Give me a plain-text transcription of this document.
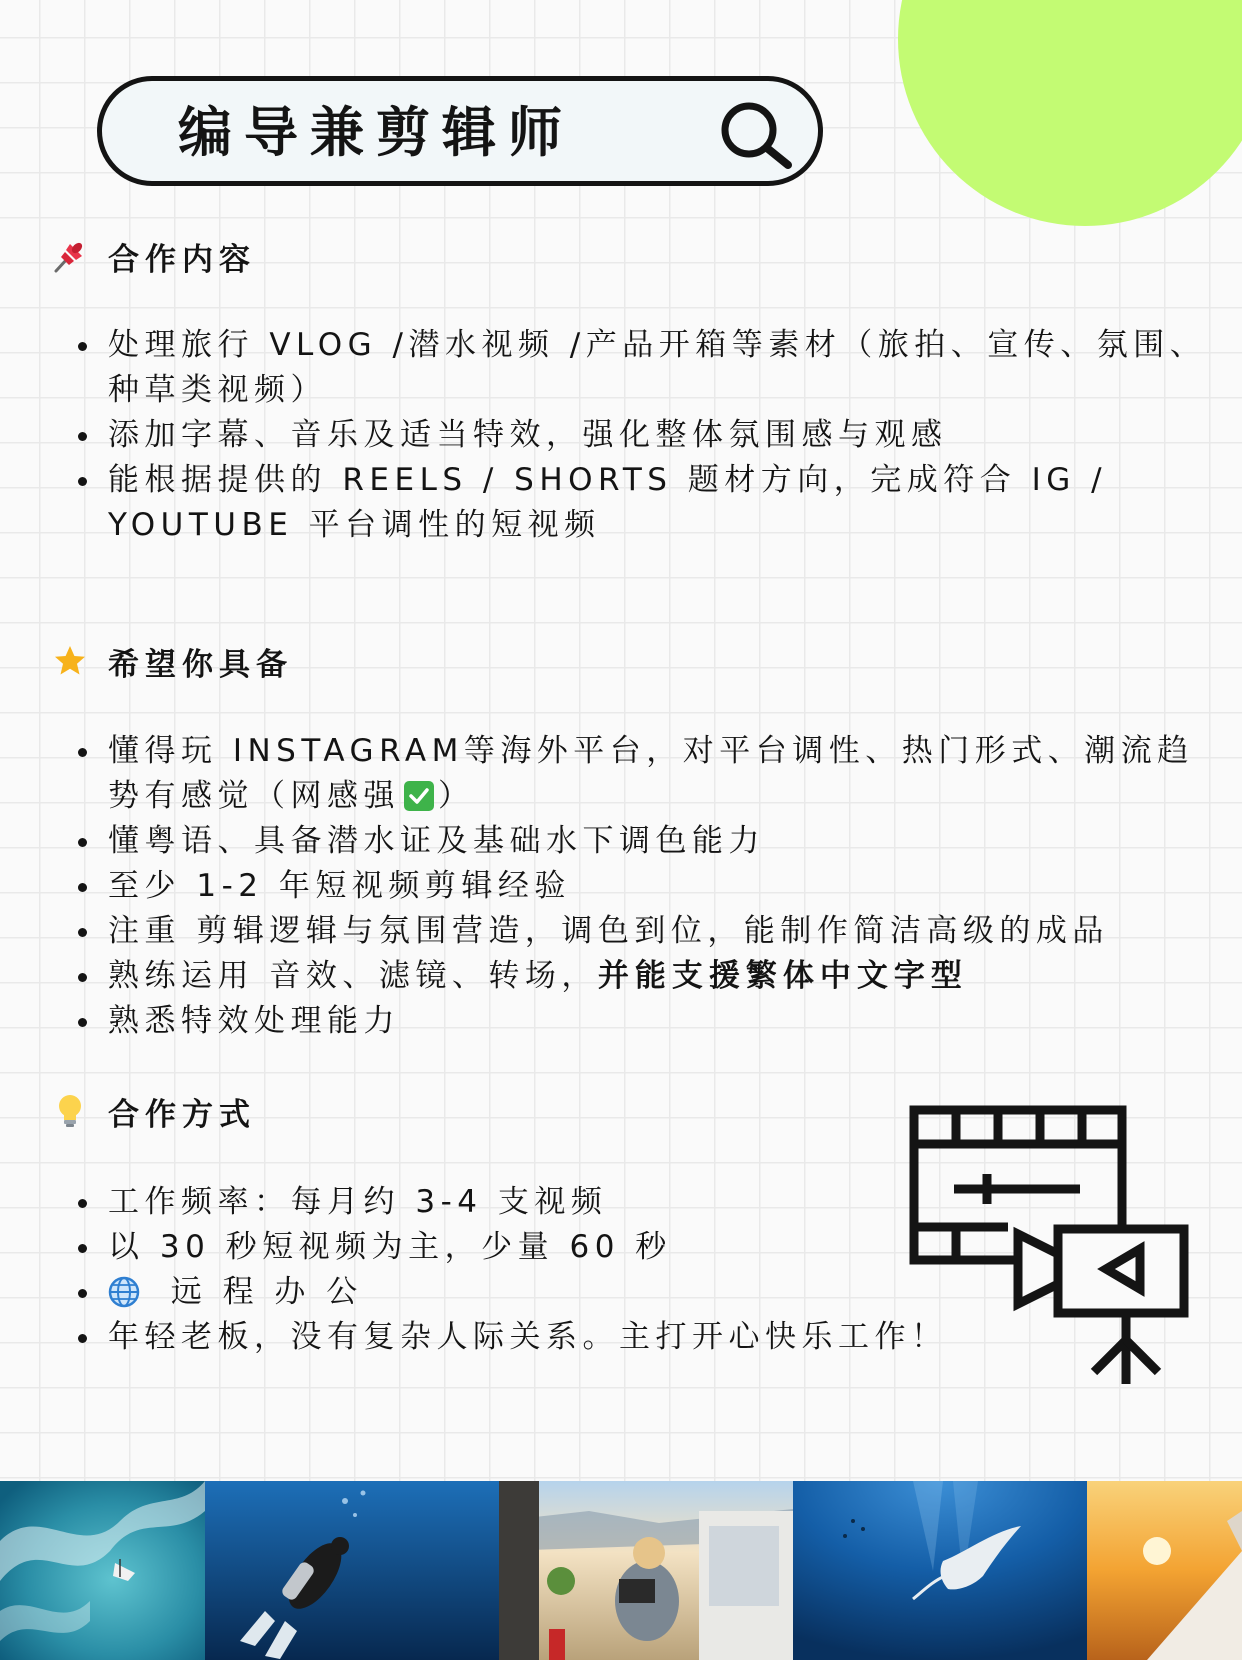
编导兼剪辑师
合作内容
处理旅行 VLOG /潜水视频 /产品开箱等素材（旅拍、宣传、氛围、
种草类视频）
添加字幕、音乐及适当特效，强化整体氛围感与观感
能根据提供的 REELS / SHORTS 题材方向，完成符合 IG /
YOUTUBE 平台调性的短视频
希望你具备
懂得玩 INSTAGRAM等海外平台，对平台调性、热门形式、潮流趋
势有感觉（网感强 ）
懂粤语、具备潜水证及基础水下调色能力
至少 1-2 年短视频剪辑经验
注重 剪辑逻辑与氛围营造，调色到位，能制作简洁高级的成品
熟练运用 音效、滤镜、转场，并能支援繁体中文字型
熟悉特效处理能力
合作方式
工作频率：每月约 3-4 支视频
以 30 秒短视频为主，少量 60 秒
远 程 办 公
年轻老板，没有复杂人际关系。主打开心快乐工作！
